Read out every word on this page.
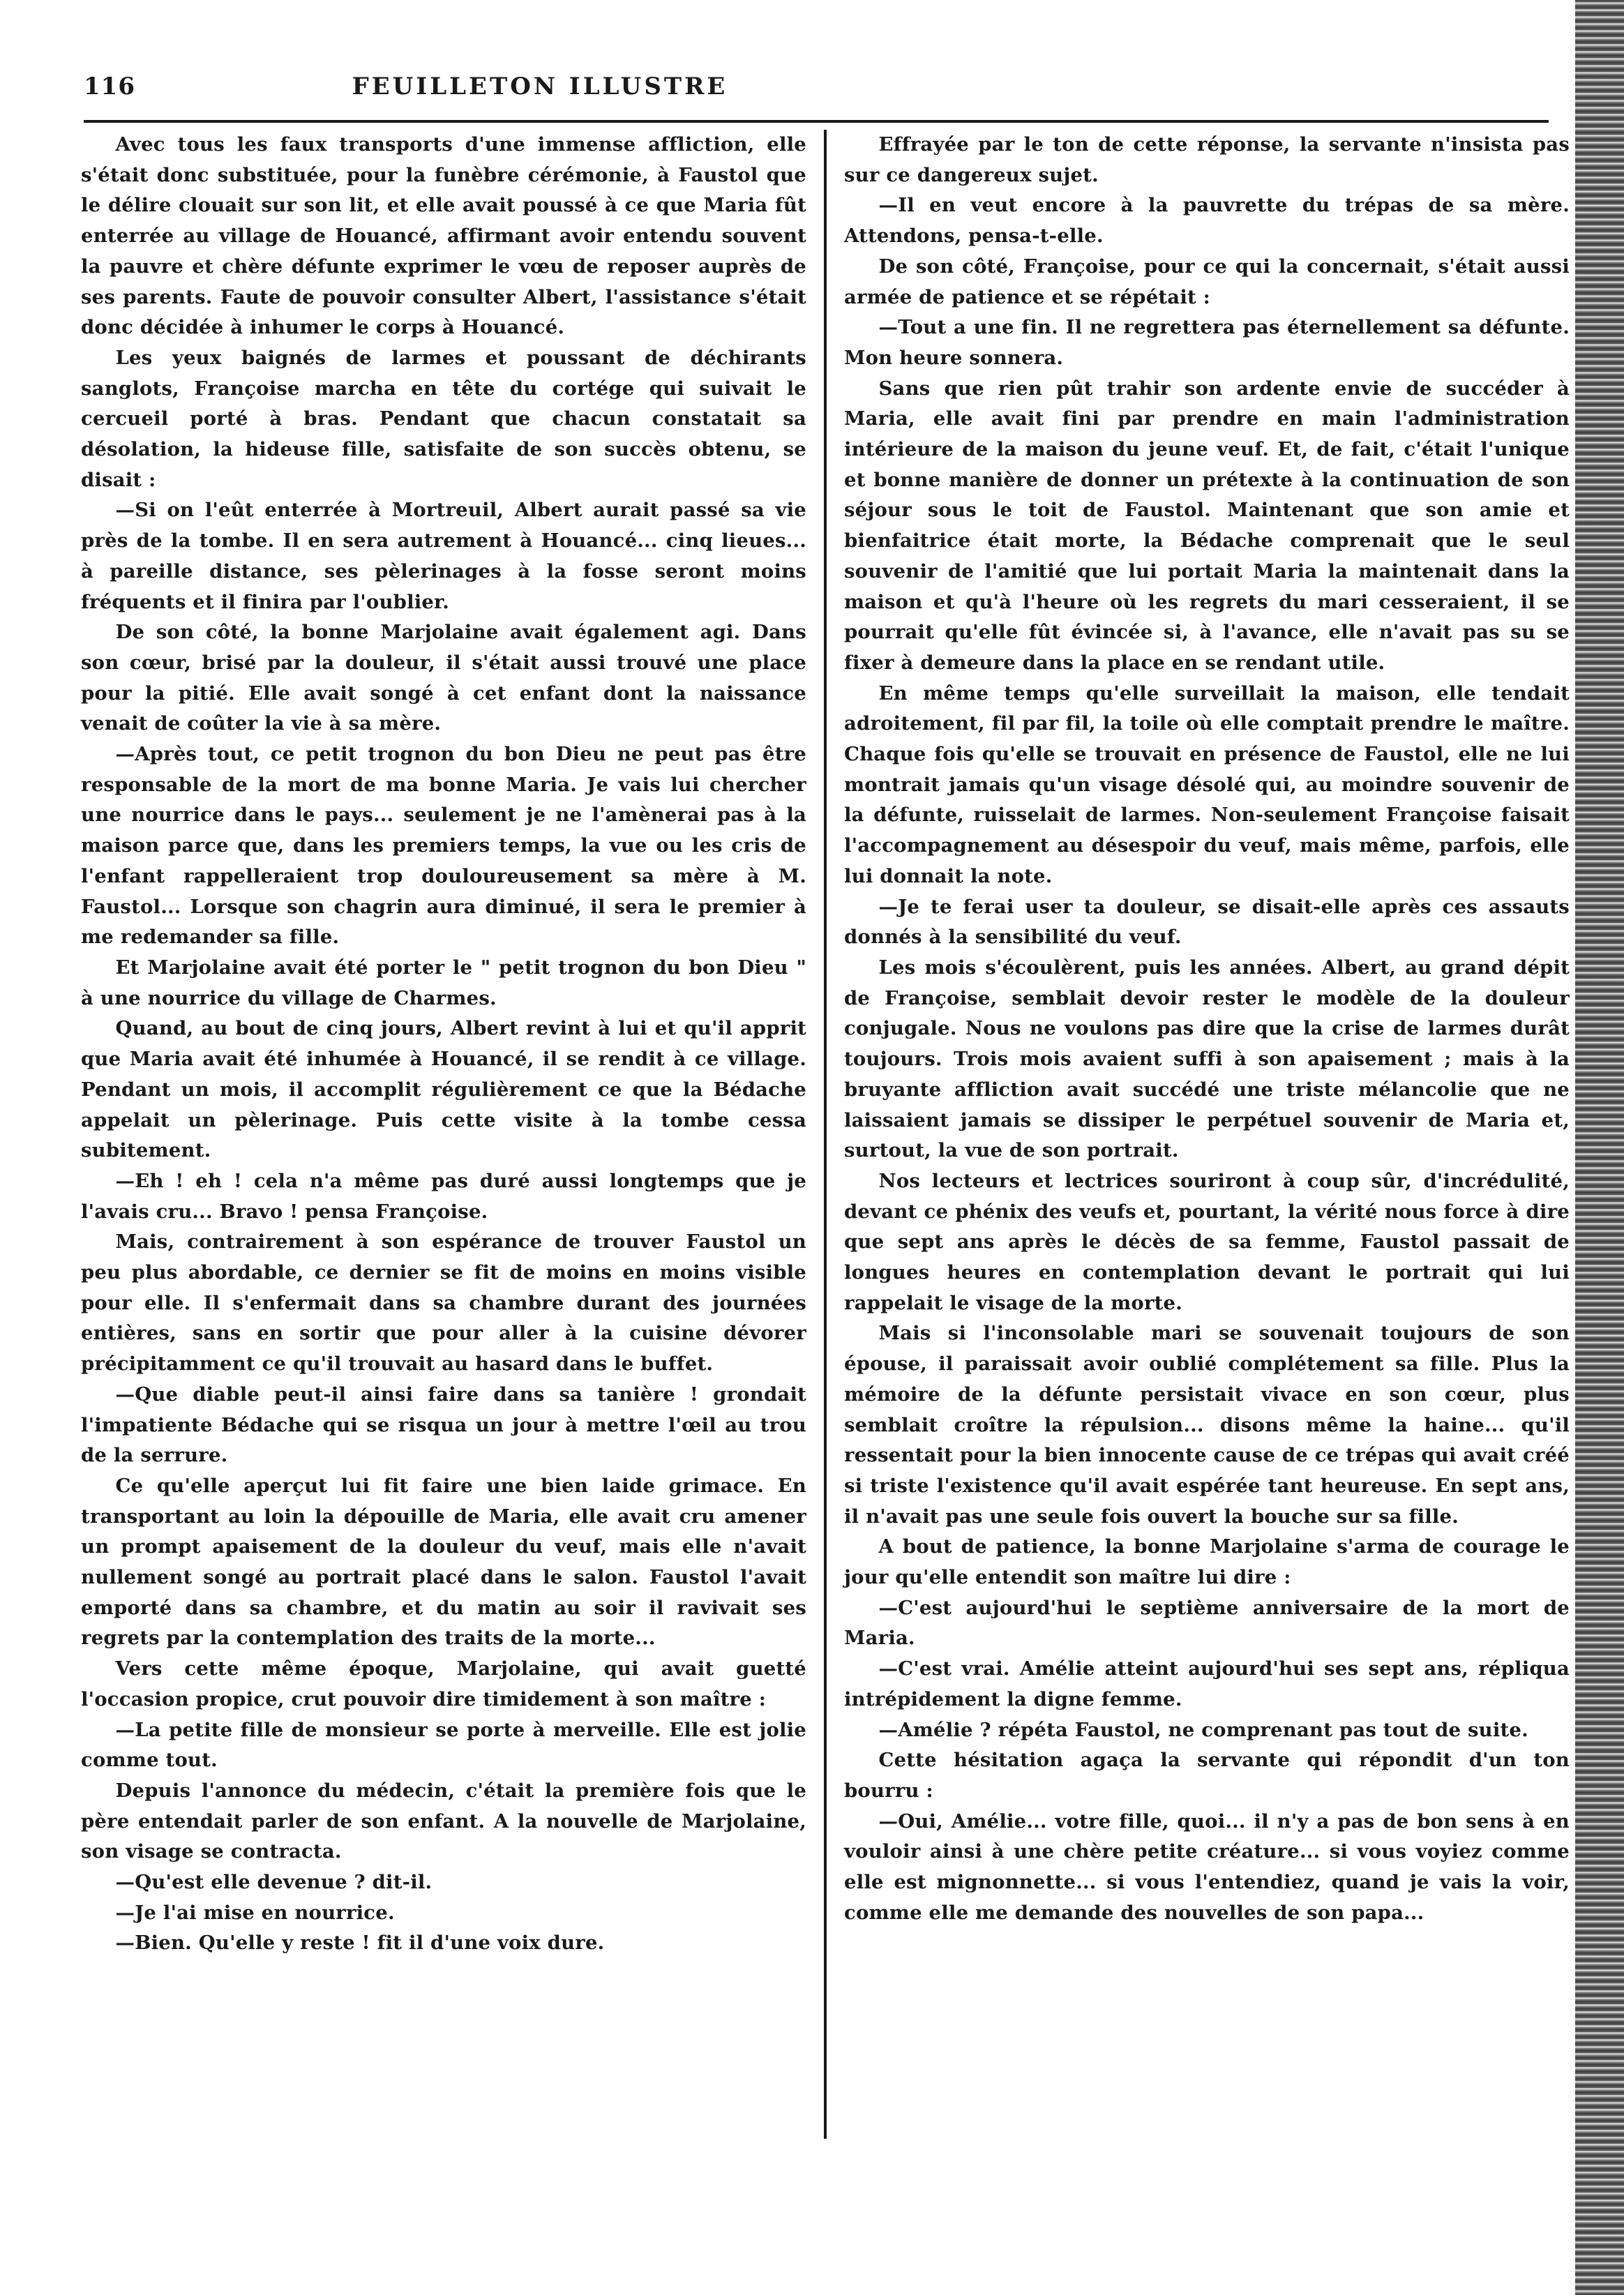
116	FEUILLETON ILLUSTRE

Avec tous les faux transports d'une immense affliction, elle s'était donc substituée, pour la funèbre cérémonie, à Faustol que le délire clouait sur son lit, et elle avait poussé à ce que Maria fût enterrée au village de Houancé, affirmant avoir entendu souvent la pauvre et chère défunte exprimer le vœu de reposer auprès de ses parents. Faute de pouvoir consulter Albert, l'assistance s'était donc décidée à inhumer le corps à Houancé.

Les yeux baignés de larmes et poussant de déchirants sanglots, Françoise marcha en tête du cortége qui suivait le cercueil porté à bras. Pendant que chacun constatait sa désolation, la hideuse fille, satisfaite de son succès obtenu, se disait :

—Si on l'eût enterrée à Mortreuil, Albert aurait passé sa vie près de la tombe. Il en sera autrement à Houancé... cinq lieues... à pareille distance, ses pèlerinages à la fosse seront moins fréquents et il finira par l'oublier.

De son côté, la bonne Marjolaine avait également agi. Dans son cœur, brisé par la douleur, il s'était aussi trouvé une place pour la pitié. Elle avait songé à cet enfant dont la naissance venait de coûter la vie à sa mère.

—Après tout, ce petit trognon du bon Dieu ne peut pas être responsable de la mort de ma bonne Maria. Je vais lui chercher une nourrice dans le pays... seulement je ne l'amènerai pas à la maison parce que, dans les premiers temps, la vue ou les cris de l'enfant rappelleraient trop douloureusement sa mère à M. Faustol... Lorsque son chagrin aura diminué, il sera le premier à me redemander sa fille.

Et Marjolaine avait été porter le " petit trognon du bon Dieu " à une nourrice du village de Charmes.

Quand, au bout de cinq jours, Albert revint à lui et qu'il apprit que Maria avait été inhumée à Houancé, il se rendit à ce village. Pendant un mois, il accomplit régulièrement ce que la Bédache appelait un pèlerinage. Puis cette visite à la tombe cessa subitement.

—Eh ! eh ! cela n'a même pas duré aussi longtemps que je l'avais cru... Bravo ! pensa Françoise.

Mais, contrairement à son espérance de trouver Faustol un peu plus abordable, ce dernier se fit de moins en moins visible pour elle. Il s'enfermait dans sa chambre durant des journées entières, sans en sortir que pour aller à la cuisine dévorer précipitamment ce qu'il trouvait au hasard dans le buffet.

—Que diable peut-il ainsi faire dans sa tanière ! grondait l'impatiente Bédache qui se risqua un jour à mettre l'œil au trou de la serrure.

Ce qu'elle aperçut lui fit faire une bien laide grimace. En transportant au loin la dépouille de Maria, elle avait cru amener un prompt apaisement de la douleur du veuf, mais elle n'avait nullement songé au portrait placé dans le salon. Faustol l'avait emporté dans sa chambre, et du matin au soir il ravivait ses regrets par la contemplation des traits de la morte...

Vers cette même époque, Marjolaine, qui avait guetté l'occasion propice, crut pouvoir dire timidement à son maître :

—La petite fille de monsieur se porte à merveille. Elle est jolie comme tout.

Depuis l'annonce du médecin, c'était la première fois que le père entendait parler de son enfant. A la nouvelle de Marjolaine, son visage se contracta.

—Qu'est elle devenue ? dit-il.

—Je l'ai mise en nourrice.

—Bien. Qu'elle y reste ! fit il d'une voix dure.

Effrayée par le ton de cette réponse, la servante n'insista pas sur ce dangereux sujet.

—Il en veut encore à la pauvrette du trépas de sa mère. Attendons, pensa-t-elle.

De son côté, Françoise, pour ce qui la concernait, s'était aussi armée de patience et se répétait :

—Tout a une fin. Il ne regrettera pas éternellement sa défunte. Mon heure sonnera.

Sans que rien pût trahir son ardente envie de succéder à Maria, elle avait fini par prendre en main l'administration intérieure de la maison du jeune veuf. Et, de fait, c'était l'unique et bonne manière de donner un prétexte à la continuation de son séjour sous le toit de Faustol. Maintenant que son amie et bienfaitrice était morte, la Bédache comprenait que le seul souvenir de l'amitié que lui portait Maria la maintenait dans la maison et qu'à l'heure où les regrets du mari cesseraient, il se pourrait qu'elle fût évincée si, à l'avance, elle n'avait pas su se fixer à demeure dans la place en se rendant utile.

En même temps qu'elle surveillait la maison, elle tendait adroitement, fil par fil, la toile où elle comptait prendre le maître. Chaque fois qu'elle se trouvait en présence de Faustol, elle ne lui montrait jamais qu'un visage désolé qui, au moindre souvenir de la défunte, ruisselait de larmes. Non-seulement Françoise faisait l'accompagnement au désespoir du veuf, mais même, parfois, elle lui donnait la note.

—Je te ferai user ta douleur, se disait-elle après ces assauts donnés à la sensibilité du veuf.

Les mois s'écoulèrent, puis les années. Albert, au grand dépit de Françoise, semblait devoir rester le modèle de la douleur conjugale. Nous ne voulons pas dire que la crise de larmes durât toujours. Trois mois avaient suffi à son apaisement ; mais à la bruyante affliction avait succédé une triste mélancolie que ne laissaient jamais se dissiper le perpétuel souvenir de Maria et, surtout, la vue de son portrait.

Nos lecteurs et lectrices souriront à coup sûr, d'incrédulité, devant ce phénix des veufs et, pourtant, la vérité nous force à dire que sept ans après le décès de sa femme, Faustol passait de longues heures en contemplation devant le portrait qui lui rappelait le visage de la morte.

Mais si l'inconsolable mari se souvenait toujours de son épouse, il paraissait avoir oublié complétement sa fille. Plus la mémoire de la défunte persistait vivace en son cœur, plus semblait croître la répulsion... disons même la haine... qu'il ressentait pour la bien innocente cause de ce trépas qui avait créé si triste l'existence qu'il avait espérée tant heureuse. En sept ans, il n'avait pas une seule fois ouvert la bouche sur sa fille.

A bout de patience, la bonne Marjolaine s'arma de courage le jour qu'elle entendit son maître lui dire :

—C'est aujourd'hui le septième anniversaire de la mort de Maria.

—C'est vrai. Amélie atteint aujourd'hui ses sept ans, répliqua intrépidement la digne femme.

—Amélie ? répéta Faustol, ne comprenant pas tout de suite.

Cette hésitation agaça la servante qui répondit d'un ton bourru :

—Oui, Amélie... votre fille, quoi... il n'y a pas de bon sens à en vouloir ainsi à une chère petite créature... si vous voyiez comme elle est mignonnette... si vous l'entendiez, quand je vais la voir, comme elle me demande des nouvelles de son papa...
